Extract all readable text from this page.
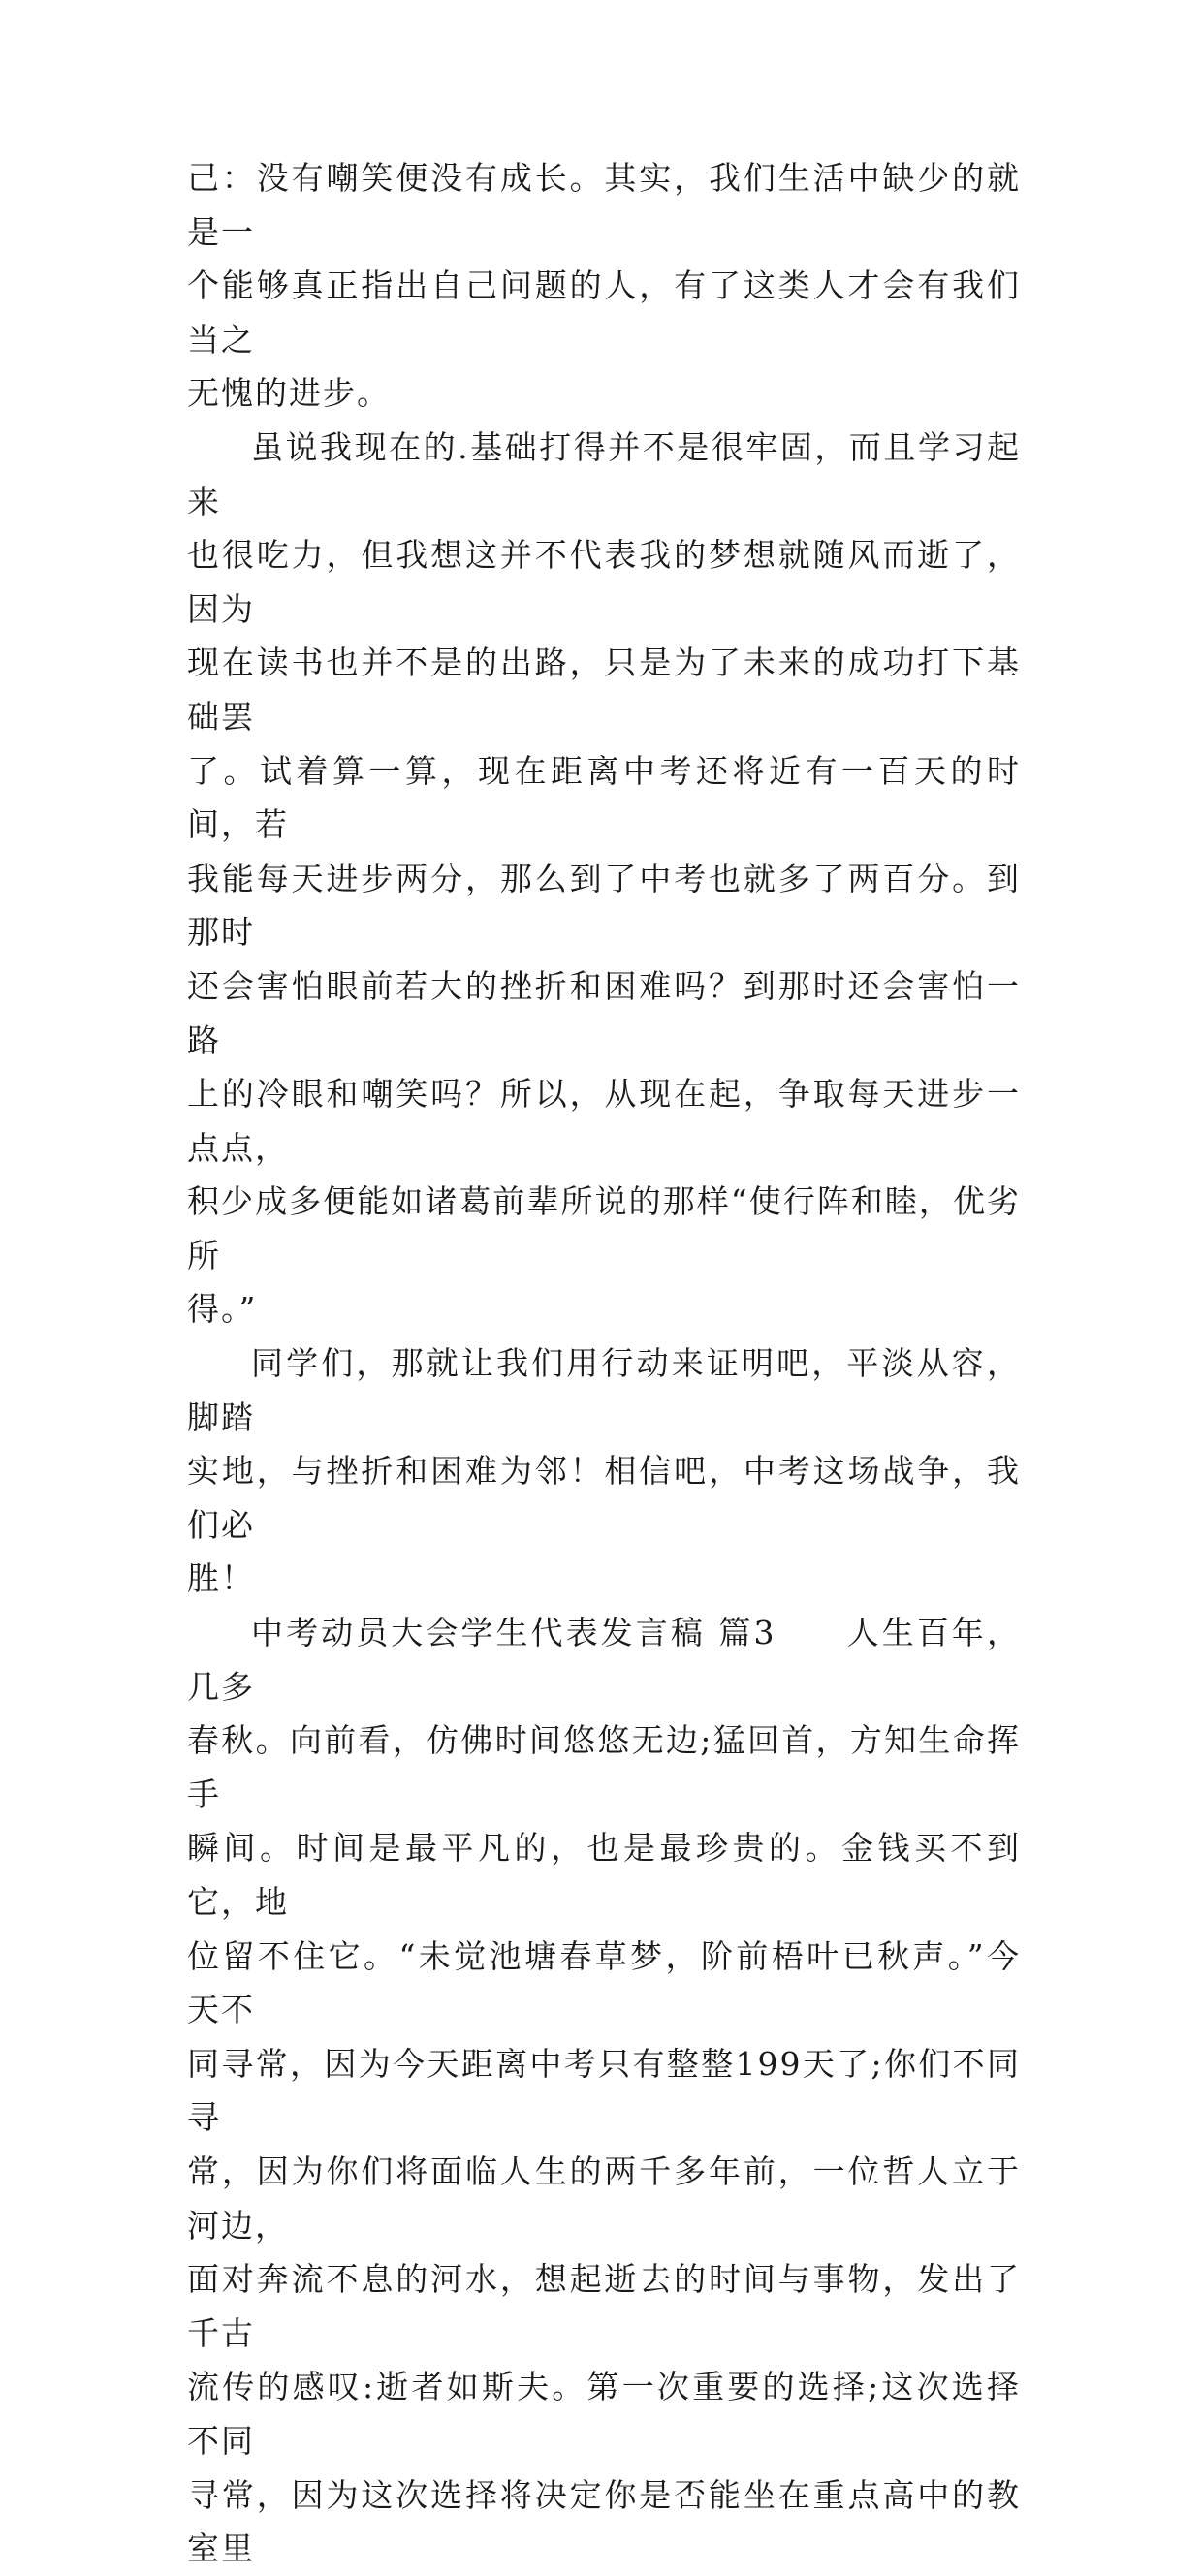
己：没有嘲笑便没有成长。其实，我们生活中缺少的就是一
个能够真正指出自己问题的人，有了这类人才会有我们当之
无愧的进步。

虽说我现在的.基础打得并不是很牢固，而且学习起来
也很吃力，但我想这并不代表我的梦想就随风而逝了，因为
现在读书也并不是的出路，只是为了未来的成功打下基础罢
了。试着算一算，现在距离中考还将近有一百天的时间，若
我能每天进步两分，那么到了中考也就多了两百分。到那时
还会害怕眼前若大的挫折和困难吗？到那时还会害怕一路
上的冷眼和嘲笑吗？所以，从现在起，争取每天进步一点点，
积少成多便能如诸葛前辈所说的那样“使行阵和睦，优劣所
得。”

同学们，那就让我们用行动来证明吧，平淡从容，脚踏
实地，与挫折和困难为邻！相信吧，中考这场战争，我们必
胜！

中考动员大会学生代表发言稿 篇3　　人生百年，几多
春秋。向前看，仿佛时间悠悠无边;猛回首，方知生命挥手
瞬间。时间是最平凡的，也是最珍贵的。金钱买不到它，地
位留不住它。“未觉池塘春草梦，阶前梧叶已秋声。”今天不
同寻常，因为今天距离中考只有整整199天了;你们不同寻
常，因为你们将面临人生的两千多年前，一位哲人立于河边，
面对奔流不息的河水，想起逝去的时间与事物，发出了千古
流传的感叹:逝者如斯夫。第一次重要的选择;这次选择不同
寻常，因为这次选择将决定你是否能坐在重点高中的教室里
